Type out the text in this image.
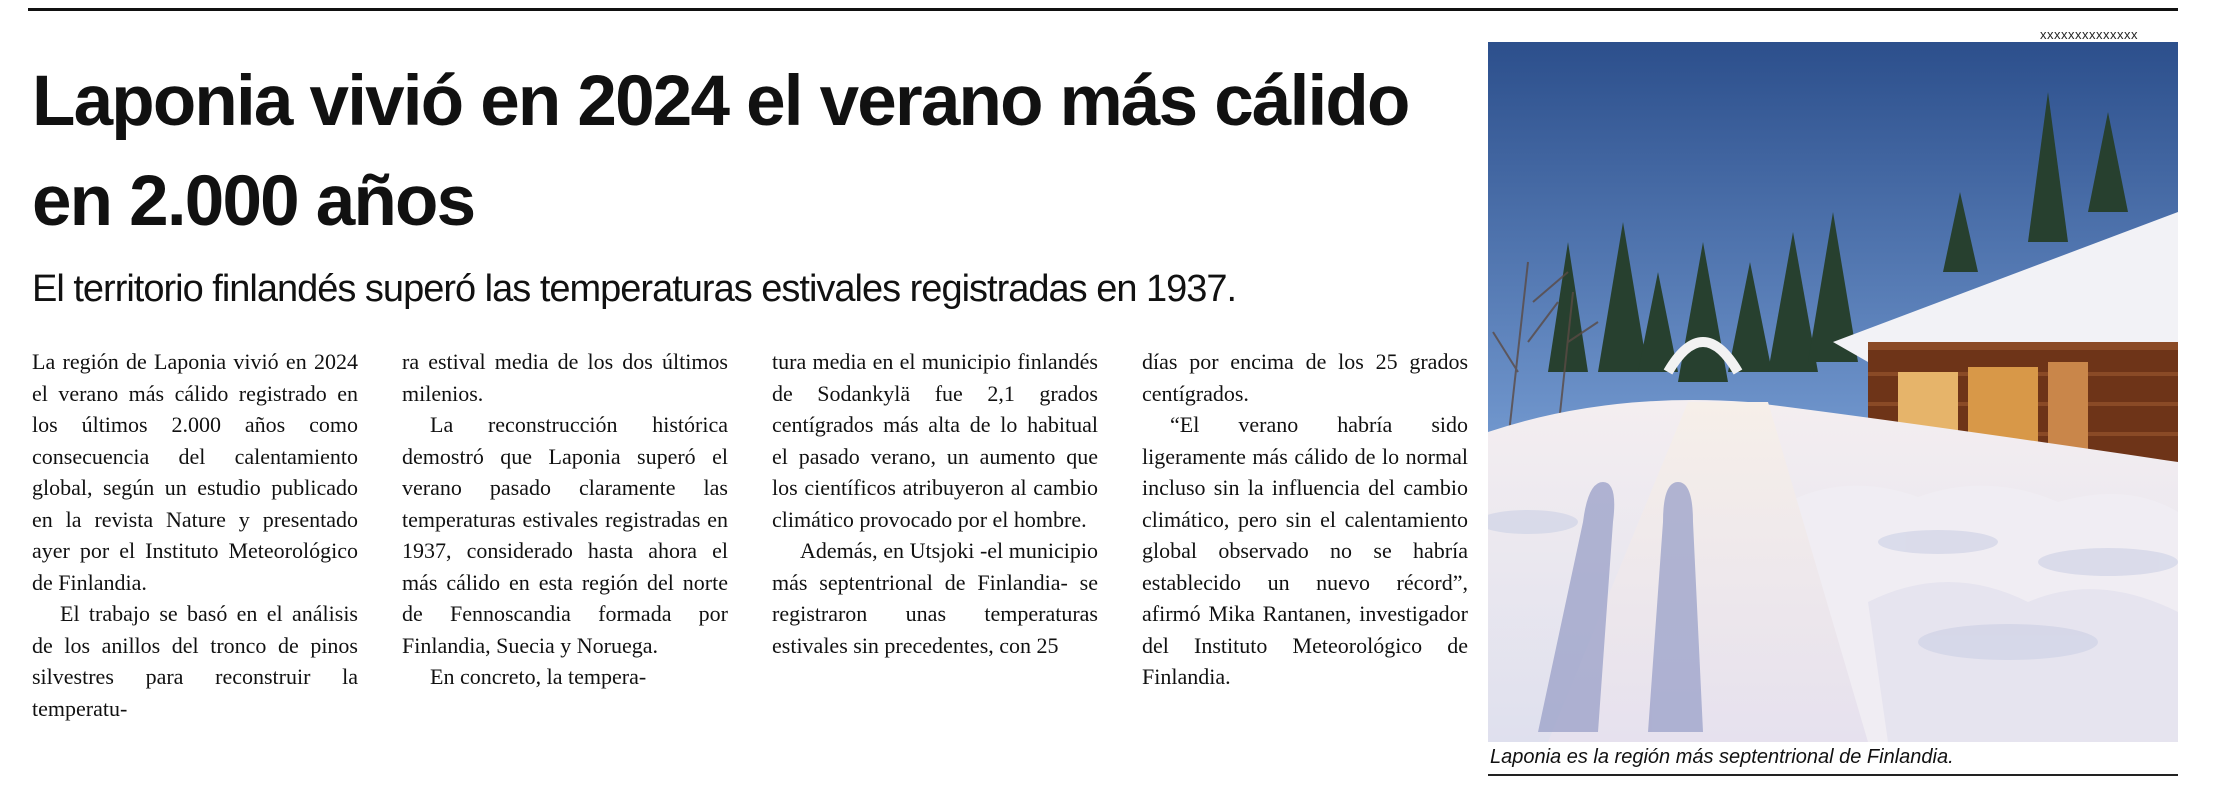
xxxxxxxxxxxxxx
Laponia vivió en 2024 el verano más cálido en 2.000 años
El territorio finlandés superó las temperaturas estivales registradas en 1937.

La región de Laponia vivió en 2024 el verano más cálido registrado en los últimos 2.000 años como consecuencia del calentamiento global, según un estudio publicado en la revista Nature y presentado ayer por el Instituto Meteorológico de Finlandia.

El trabajo se basó en el análisis de los anillos del tronco de pinos silvestres para reconstruir la temperatu-

ra estival media de los dos últimos milenios.

La reconstrucción histórica demostró que Laponia superó el verano pasado claramente las temperaturas estivales registradas en 1937, considerado hasta ahora el más cálido en esta región del norte de Fennoscandia formada por Finlandia, Suecia y Noruega.

En concreto, la tempera-

tura media en el municipio finlandés de Sodankylä fue 2,1 grados centígrados más alta de lo habitual el pasado verano, un aumento que los científicos atribuyeron al cambio climático provocado por el hombre.

Además, en Utsjoki -el municipio más septentrional de Finlandia- se registraron unas temperaturas estivales sin precedentes, con 25

días por encima de los 25 grados centígrados.

“El verano habría sido ligeramente más cálido de lo normal incluso sin la influencia del cambio climático, pero sin el calentamiento global observado no se habría establecido un nuevo récord”, afirmó Mika Rantanen, investigador del Instituto Meteorológico de Finlandia.

Laponia es la región más septentrional de Finlandia.
